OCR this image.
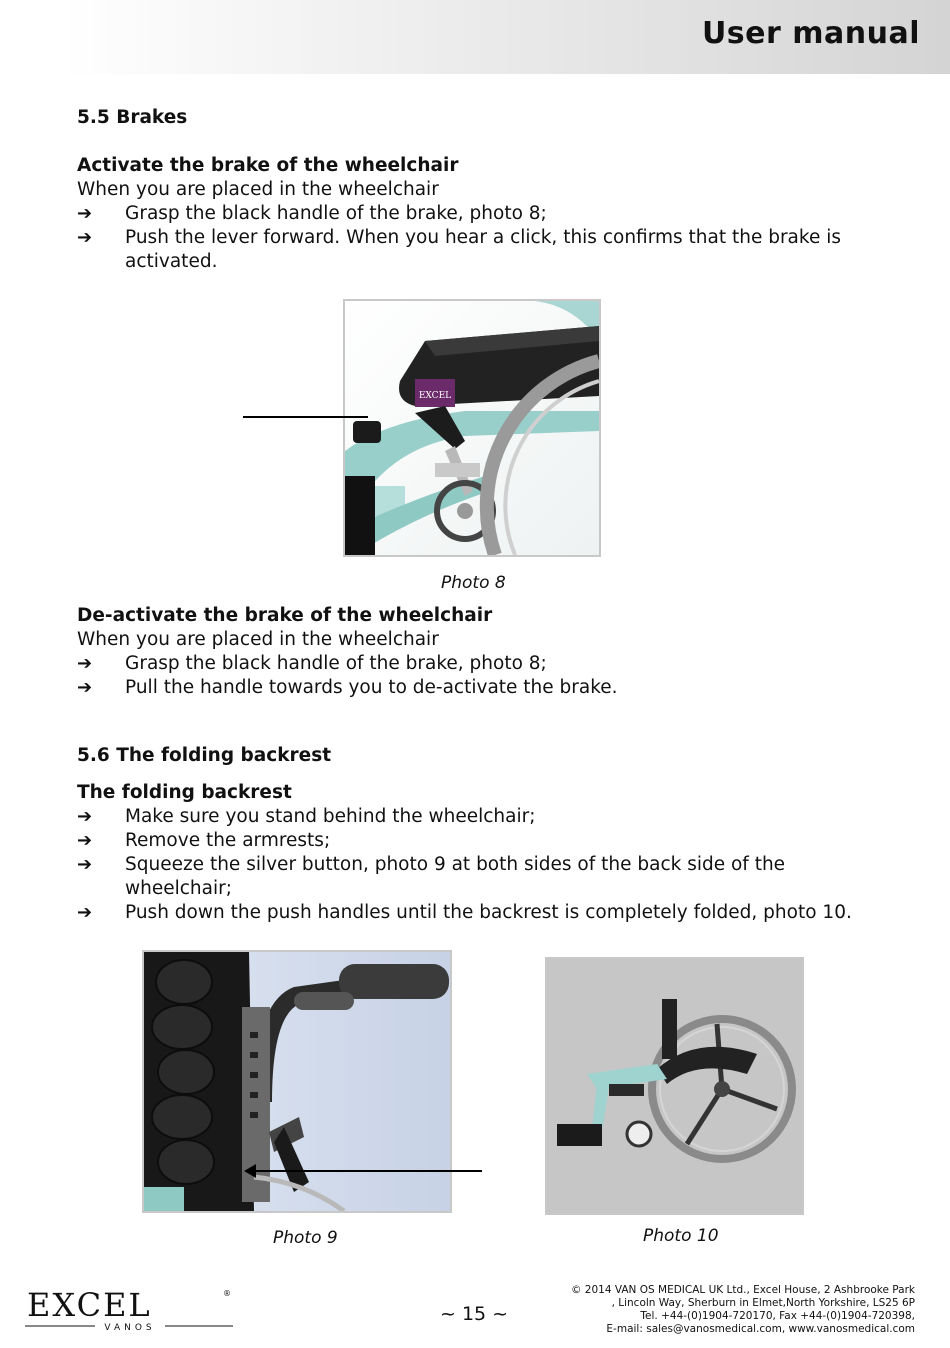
User manual
5.5 Brakes
Activate the brake of the wheelchair
When you are placed in the wheelchair
➔ Grasp the black handle of the brake, photo 8;
➔ Push the lever forward. When you hear a click, this confirms that the brake is
activated.
EXCEL
Photo 8
De-activate the brake of the wheelchair
When you are placed in the wheelchair
➔ Grasp the black handle of the brake, photo 8;
➔ Pull the handle towards you to de-activate the brake.
5.6 The folding backrest
The folding backrest
➔ Make sure you stand behind the wheelchair;
➔ Remove the armrests;
➔ Squeeze the silver button, photo 9 at both sides of the back side of the
wheelchair;
➔ Push down the push handles until the backrest is completely folded, photo 10.
Photo 9	Photo 10
EXCEL	®
VANOS
~ 15 ~
© 2014 VAN OS MEDICAL UK Ltd., Excel House, 2 Ashbrooke Park
, Lincoln Way, Sherburn in Elmet,North Yorkshire, LS25 6P
Tel. +44-(0)1904-720170, Fax +44-(0)1904-720398,
E-mail: sales@vanosmedical.com, www.vanosmedical.com
